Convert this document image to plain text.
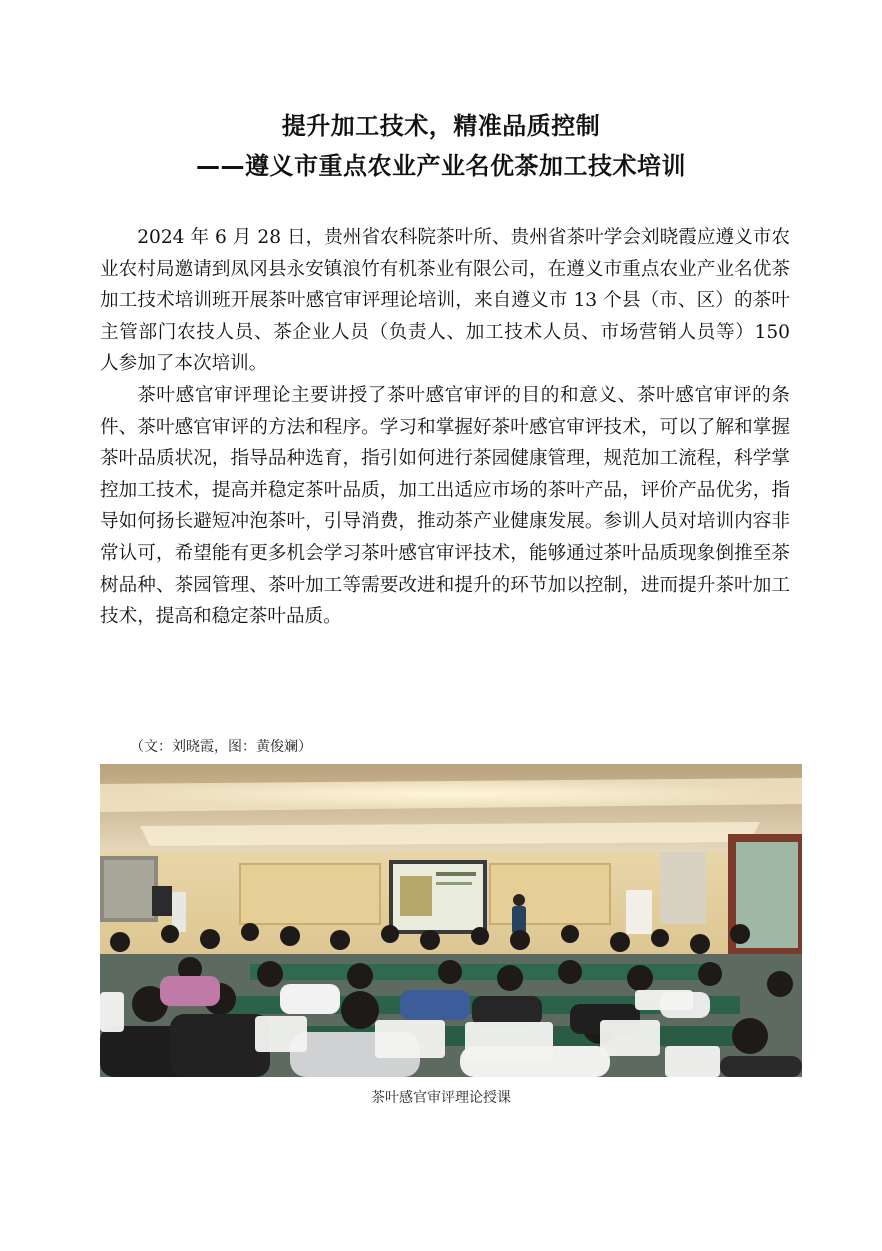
提升加工技术，精准品质控制
——遵义市重点农业产业名优茶加工技术培训

2024 年 6 月 28 日，贵州省农科院茶叶所、贵州省茶叶学会刘晓霞应遵义市农业农村局邀请到凤冈县永安镇浪竹有机茶业有限公司，在遵义市重点农业产业名优茶加工技术培训班开展茶叶感官审评理论培训，来自遵义市 13 个县（市、区）的茶叶主管部门农技人员、茶企业人员（负责人、加工技术人员、市场营销人员等）150 人参加了本次培训。

茶叶感官审评理论主要讲授了茶叶感官审评的目的和意义、茶叶感官审评的条件、茶叶感官审评的方法和程序。学习和掌握好茶叶感官审评技术，可以了解和掌握茶叶品质状况，指导品种选育，指引如何进行茶园健康管理，规范加工流程，科学掌控加工技术，提高并稳定茶叶品质，加工出适应市场的茶叶产品，评价产品优劣，指导如何扬长避短冲泡茶叶，引导消费，推动茶产业健康发展。参训人员对培训内容非常认可，希望能有更多机会学习茶叶感官审评技术，能够通过茶叶品质现象倒推至茶树品种、茶园管理、茶叶加工等需要改进和提升的环节加以控制，进而提升茶叶加工技术，提高和稳定茶叶品质。

（文：刘晓霞，图：黄俊斓）
茶叶感官审评理论授课
